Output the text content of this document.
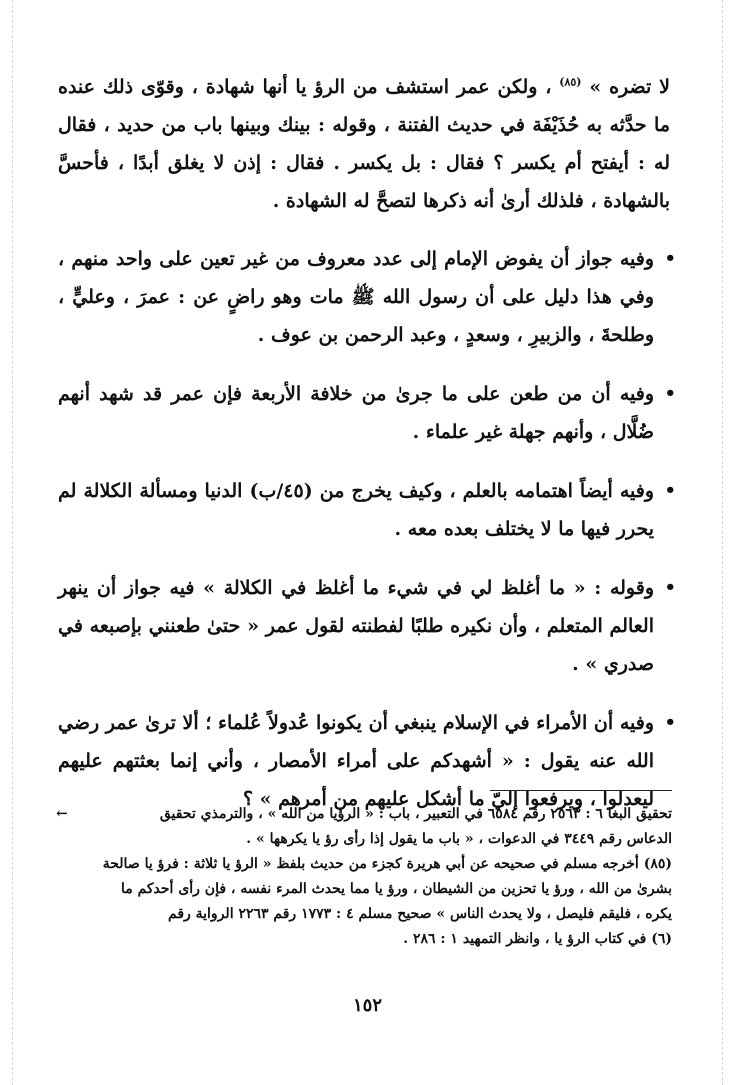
لا تضره » $^{(٨٥)}$ ، ولكن عمر استشف من الرؤ يا أنها شهادة ، وقوّى ذلك عنده ما حدَّثه به حُذَيْفَة في حديث الفتنة ، وقوله : بينك وبينها باب من حديد ، فقال له : أيفتح أم يكسر ؟ فقال : بل يكسر . فقال : إذن لا يغلق أبدًا ، فأحسَّ بالشهادة ، فلذلك أرىٰ أنه ذكرها لتصحَّ له الشهادة .

•
وفيه جواز أن يفوض الإمام إلى عدد معروف من غير تعين على واحد منهم ، وفي هذا دليل على أن رسول الله ﷺ مات وهو راضٍ عن : عمرَ ، وعليٍّ ، وطلحةَ ، والزبيرِ ، وسعدٍ ، وعبد الرحمن بن عوف .

•
وفيه أن من طعن على ما جرىٰ من خلافة الأربعة فإن عمر قد شهد أنهم ضُلَّال ، وأنهم جهلة غير علماء .

•
وفيه أيضاً اهتمامه بالعلم ، وكيف يخرج من (٤٥/ب) الدنيا ومسألة الكلالة لم يحرر فيها ما لا يختلف بعده معه .

•
وقوله : « ما أغلظ لي في شيء ما أغلظ في الكلالة » فيه جواز أن ينهر العالم المتعلم ، وأن نكيره طلبًا لفطنته لقول عمر « حتىٰ طعنني بإصبعه في صدري » .

•
وفيه أن الأمراء في الإسلام ينبغي أن يكونوا عُدولاً عُلماء ؛ ألا ترىٰ عمر رضي الله عنه يقول : « أشهدكم على أمراء الأمصار ، وأني إنما بعثتهم عليهم ليعدلوا ، ويرفعوا إليّ ما أشكل عليهم من أمرهم » ؟

تحقيق البغا ٦ : ٢٥٦٣ رقم ٦٥٨٤ في التعبير ، باب : « الرؤيا من الله » ، والترمذي تحقيق
←

الدعاس رقم ٣٤٤٩ في الدعوات ، « باب ما يقول إذا رأى رؤ يا يكرهها » .

(٨٥) أخرجه مسلم في صحيحه عن أبي هريرة كجزء من حديث بلفظ « الرؤ يا ثلاثة : فرؤ يا صالحة

بشرىٰ من الله ، ورؤ يا تحزين من الشيطان ، ورؤ يا مما يحدث المرء نفسه ، فإن رأى أحدكم ما

يكره ، فليقم فليصل ، ولا يحدث الناس » صحيح مسلم ٤ : ١٧٧٣ رقم ٢٢٦٣ الرواية رقم

(٦) في كتاب الرؤ يا ، وانظر التمهيد ١ : ٢٨٦ .

١٥٢
